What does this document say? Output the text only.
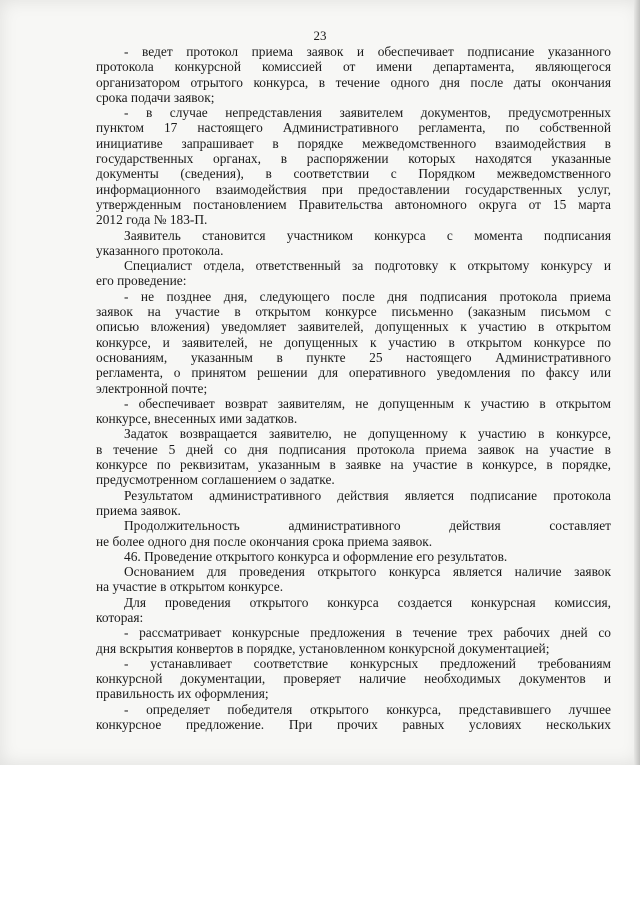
23
- ведет протокол приема заявок и обеспечивает подписание указанного
протокола конкурсной комиссией от имени департамента, являющегося
организатором отрытого конкурса, в течение одного дня после даты окончания
срока подачи заявок;
- в случае непредставления заявителем документов, предусмотренных
пунктом 17 настоящего Административного регламента, по собственной
инициативе запрашивает в порядке межведомственного взаимодействия в
государственных органах, в распоряжении которых находятся указанные
документы (сведения), в соответствии с Порядком межведомственного
информационного взаимодействия при предоставлении государственных услуг,
утвержденным постановлением Правительства автономного округа от 15 марта
2012 года № 183-П.
Заявитель становится участником конкурса с момента подписания
указанного протокола.
Специалист отдела, ответственный за подготовку к открытому конкурсу и
его проведение:
- не позднее дня, следующего после дня подписания протокола приема
заявок на участие в открытом конкурсе письменно (заказным письмом с
описью вложения) уведомляет заявителей, допущенных к участию в открытом
конкурсе, и заявителей, не допущенных к участию в открытом конкурсе по
основаниям, указанным в пункте 25 настоящего Административного
регламента, о принятом решении для оперативного уведомления по факсу или
электронной почте;
- обеспечивает возврат заявителям, не допущенным к участию в открытом
конкурсе, внесенных ими задатков.
Задаток возвращается заявителю, не допущенному к участию в конкурсе,
в течение 5 дней со дня подписания протокола приема заявок на участие в
конкурсе по реквизитам, указанным в заявке на участие в конкурсе, в порядке,
предусмотренном соглашением о задатке.
Результатом административного действия является подписание протокола
приема заявок.
Продолжительность административного действия составляет
не более одного дня после окончания срока приема заявок.
46. Проведение открытого конкурса и оформление его результатов.
Основанием для проведения открытого конкурса является наличие заявок
на участие в открытом конкурсе.
Для проведения открытого конкурса создается конкурсная комиссия,
которая:
- рассматривает конкурсные предложения в течение трех рабочих дней со
дня вскрытия конвертов в порядке, установленном конкурсной документацией;
- устанавливает соответствие конкурсных предложений требованиям
конкурсной документации, проверяет наличие необходимых документов и
правильность их оформления;
- определяет победителя открытого конкурса, представившего лучшее
конкурсное предложение. При прочих равных условиях нескольких
